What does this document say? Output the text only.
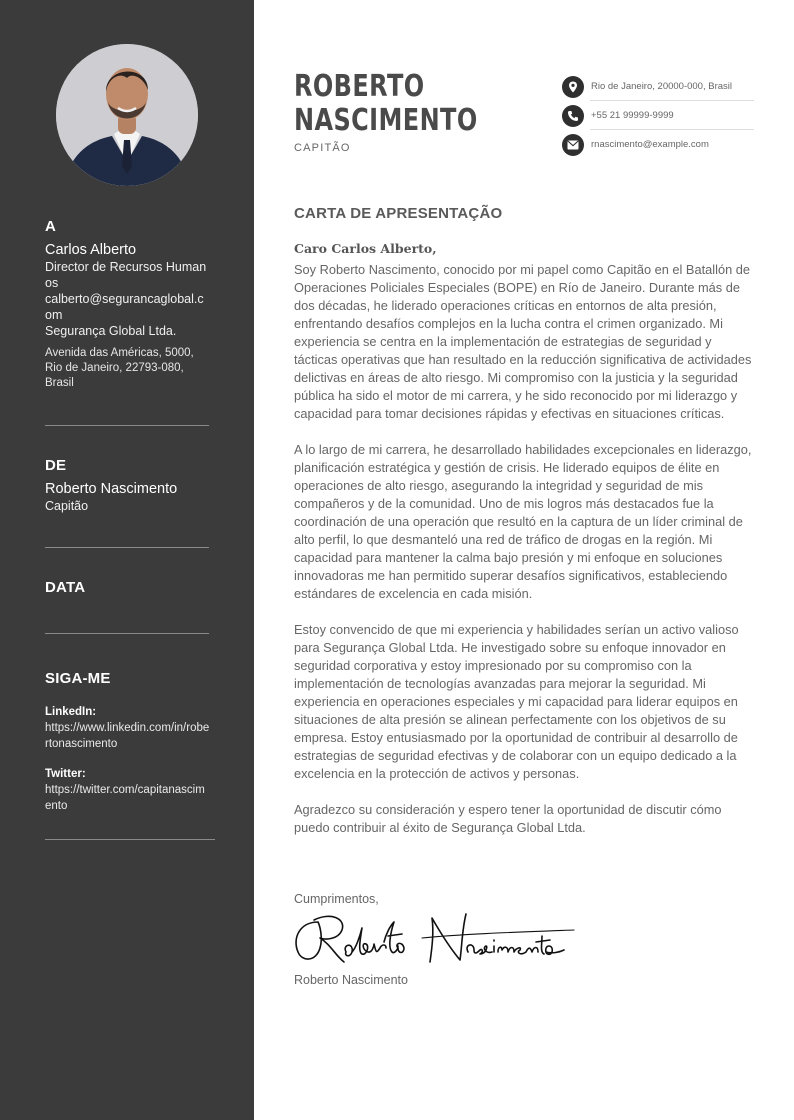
A
Carlos Alberto
Director de Recursos Humanos
calberto@segurancaglobal.com
Segurança Global Ltda.
Avenida das Américas, 5000, Rio de Janeiro, 22793-080, Brasil
DE
Roberto Nascimento
Capitão
DATA
SIGA-ME
LinkedIn:
https://www.linkedin.com/in/robertonascimento
Twitter:
https://twitter.com/capitanascimento
ROBERTO
NASCIMENTO
CAPITÃO
Rio de Janeiro, 20000-000, Brasil
+55 21 99999-9999
rnascimento@example.com
CARTA DE APRESENTAÇÃO
Caro Carlos Alberto,

Soy Roberto Nascimento, conocido por mi papel como Capitão en el Batallón de Operaciones Policiales Especiales (BOPE) en Río de Janeiro. Durante más de dos décadas, he liderado operaciones críticas en entornos de alta presión, enfrentando desafíos complejos en la lucha contra el crimen organizado. Mi experiencia se centra en la implementación de estrategias de seguridad y tácticas operativas que han resultado en la reducción significativa de actividades delictivas en áreas de alto riesgo. Mi compromiso con la justicia y la seguridad pública ha sido el motor de mi carrera, y he sido reconocido por mi liderazgo y capacidad para tomar decisiones rápidas y efectivas en situaciones críticas.

A lo largo de mi carrera, he desarrollado habilidades excepcionales en liderazgo, planificación estratégica y gestión de crisis. He liderado equipos de élite en operaciones de alto riesgo, asegurando la integridad y seguridad de mis compañeros y de la comunidad. Uno de mis logros más destacados fue la coordinación de una operación que resultó en la captura de un líder criminal de alto perfil, lo que desmanteló una red de tráfico de drogas en la región. Mi capacidad para mantener la calma bajo presión y mi enfoque en soluciones innovadoras me han permitido superar desafíos significativos, estableciendo estándares de excelencia en cada misión.

Estoy convencido de que mi experiencia y habilidades serían un activo valioso para Segurança Global Ltda. He investigado sobre su enfoque innovador en seguridad corporativa y estoy impresionado por su compromiso con la implementación de tecnologías avanzadas para mejorar la seguridad. Mi experiencia en operaciones especiales y mi capacidad para liderar equipos en situaciones de alta presión se alinean perfectamente con los objetivos de su empresa. Estoy entusiasmado por la oportunidad de contribuir al desarrollo de estrategias de seguridad efectivas y de colaborar con un equipo dedicado a la excelencia en la protección de activos y personas.

Agradezco su consideración y espero tener la oportunidad de discutir cómo puedo contribuir al éxito de Segurança Global Ltda.

Cumprimentos,
Roberto Nascimento
